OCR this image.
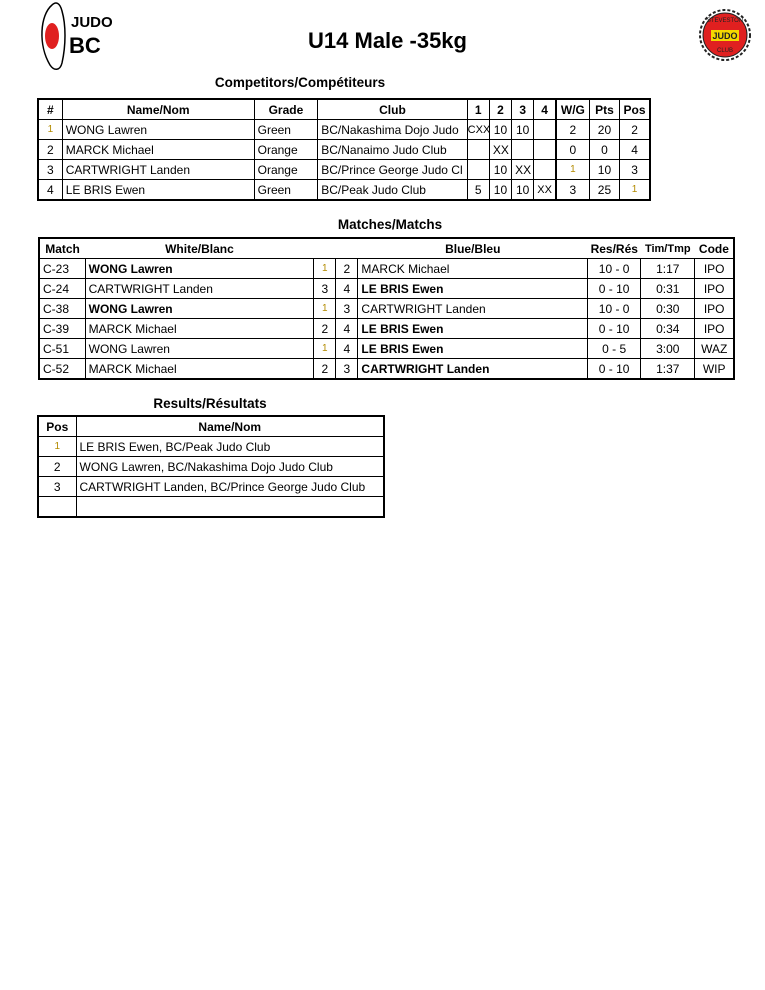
JUDO
BC	U14 Male -35kg
STEVESTON
JUDO
CLUB
Competitors/Compétiteurs
#	Name/Nom	Grade	Club	1	2	3	4	W/G	Pts	Pos
1	WONG Lawren	Green	BC/Nakashima Dojo Judo	CXX	10	10		2	20	2
2	MARCK Michael	Orange	BC/Nanaimo Judo Club		XX			0	0	4
3	CARTWRIGHT Landen	Orange	BC/Prince George Judo Cl		10	XX		1	10	3
4	LE BRIS Ewen	Green	BC/Peak Judo Club	5	10	10	XX	3	25	1
Matches/Matchs
Match	White/Blanc			Blue/Bleu	Res/Rés	Tim/Tmp	Code
C-23	WONG Lawren	1	2	MARCK Michael	10 - 0	1:17	IPO
C-24	CARTWRIGHT Landen	3	4	LE BRIS Ewen	0 - 10	0:31	IPO
C-38	WONG Lawren	1	3	CARTWRIGHT Landen	10 - 0	0:30	IPO
C-39	MARCK Michael	2	4	LE BRIS Ewen	0 - 10	0:34	IPO
C-51	WONG Lawren	1	4	LE BRIS Ewen	0 - 5	3:00	WAZ
C-52	MARCK Michael	2	3	CARTWRIGHT Landen	0 - 10	1:37	WIP
Results/Résultats
Pos	Name/Nom
1	LE BRIS Ewen, BC/Peak Judo Club
2	WONG Lawren, BC/Nakashima Dojo Judo Club
3	CARTWRIGHT Landen, BC/Prince George Judo Club
